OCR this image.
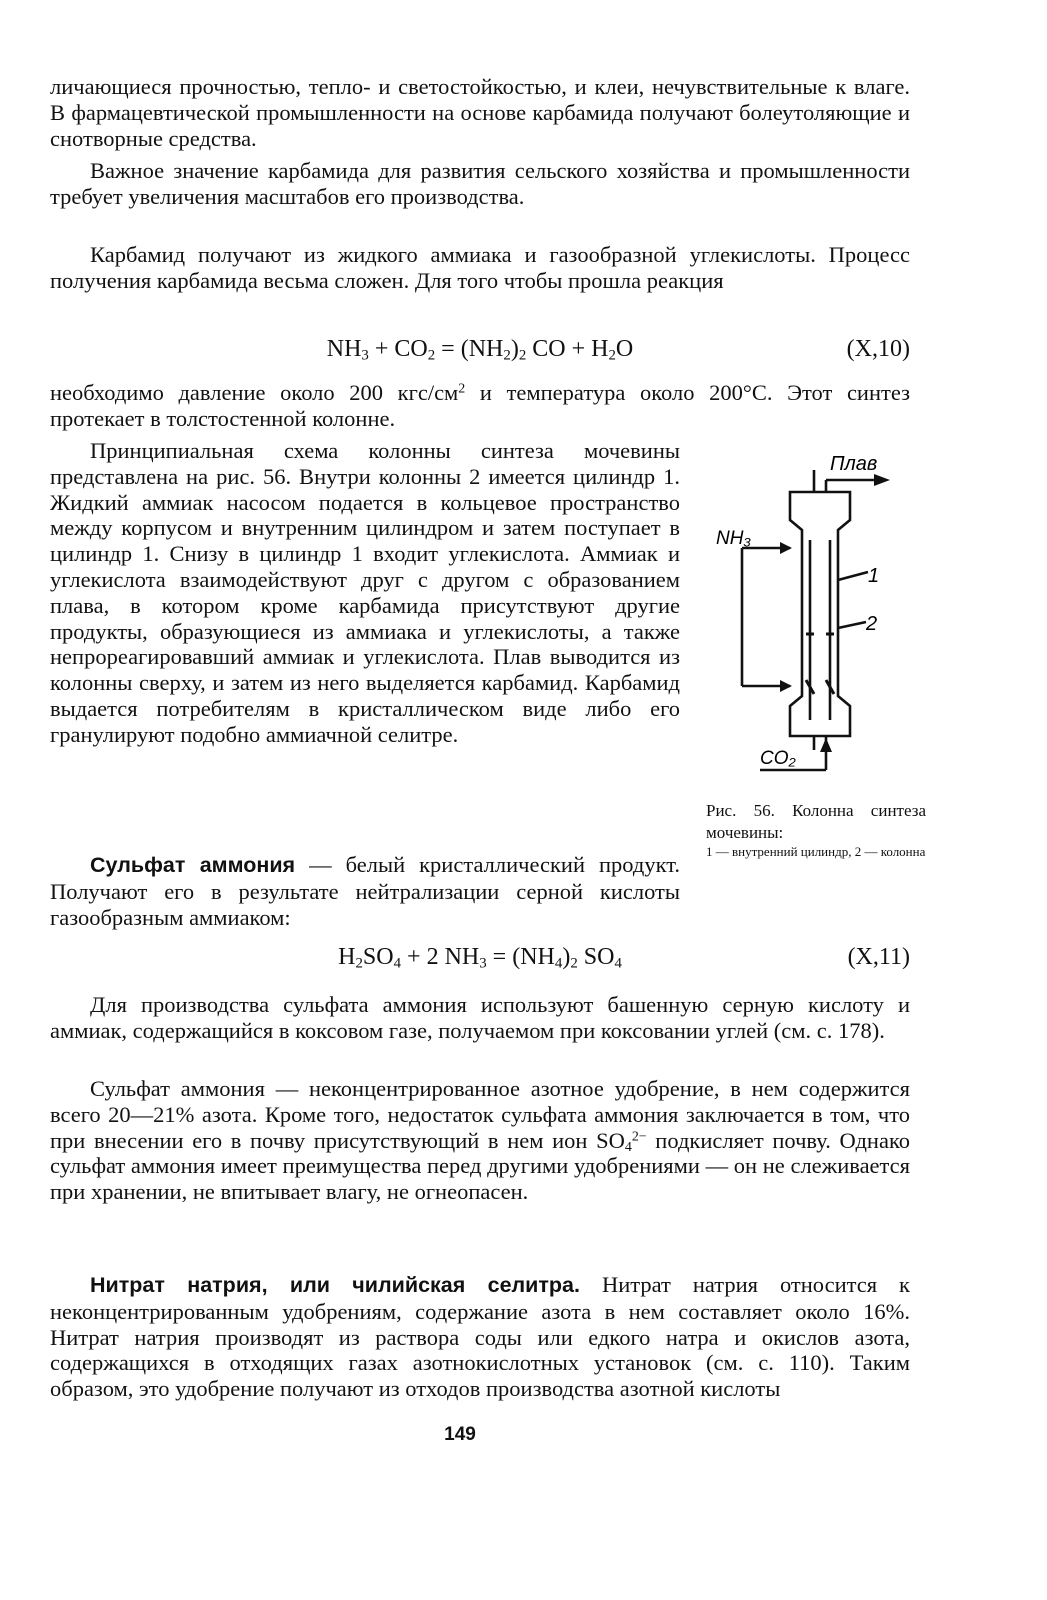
личающиеся прочностью, тепло- и светостойкостью, и клеи, нечувствительные к влаге. В фармацевтической промышленности на основе карбамида получают болеутоляющие и снотворные средства.

Важное значение карбамида для развития сельского хозяйства и промышленности требует увеличения масштабов его производства.

Карбамид получают из жидкого аммиака и газообразной углекислоты. Процесс получения карбамида весьма сложен. Для того чтобы прошла реакция

$NH_3 + CO_2 = (NH_2)_2$ CO + $H_2O$	(X,10)

необходимо давление около 200 кгс/$см^2$ и температура около 200°С. Этот синтез протекает в толстостенной колонне.

Принципиальная схема колонны синтеза мочевины представлена на рис. 56. Внутри колонны 2 имеется цилиндр 1. Жидкий аммиак насосом подается в кольцевое пространство между корпусом и внутренним цилиндром и затем поступает в цилиндр 1. Снизу в цилиндр 1 входит углекислота. Аммиак и углекислота взаимодействуют друг с другом с образованием плава, в котором кроме карбамида присутствуют другие продукты, образующиеся из аммиака и углекислоты, а также непрореагировавший аммиак и углекислота. Плав выводится из колонны сверху, и затем из него выделяется карбамид. Карбамид выдается потребителям в кристаллическом виде либо его гранулируют подобно аммиачной селитре.

Сульфат аммония — белый кристаллический продукт. Получают его в результате нейтрализации серной кислоты газообразным аммиаком:

$H_2SO_4 + 2$ $NH_3 = (NH_4)_2$ $SO_4$	(X,11)

Для производства сульфата аммония используют башенную серную кислоту и аммиак, содержащийся в коксовом газе, получаемом при коксовании углей (см. с. 178).

Сульфат аммония — неконцентрированное азотное удобрение, в нем содержится всего 20—21% азота. Кроме того, недостаток сульфата аммония заключается в том, что при внесении его в почву присутствующий в нем ион $SO_4^{2-}$ подкисляет почву. Однако сульфат аммония имеет преимущества перед другими удобрениями — он не слеживается при хранении, не впитывает влагу, не огнеопасен.

Нитрат натрия, или чилийская селитра. Нитрат натрия относится к неконцентрированным удобрениям, содержание азота в нем составляет около 16%. Нитрат натрия производят из раствора соды или едкого натра и окислов азота, содержащихся в отходящих газах азотнокислотных установок (см. с. 110). Таким образом, это удобрение получают из отходов производства азотной кислоты

Плав
NH₃
CO₂
1
2
Рис. 56. Колонна синтеза мочевины:
1 — внутренний цилиндр, 2 — колонна
149
